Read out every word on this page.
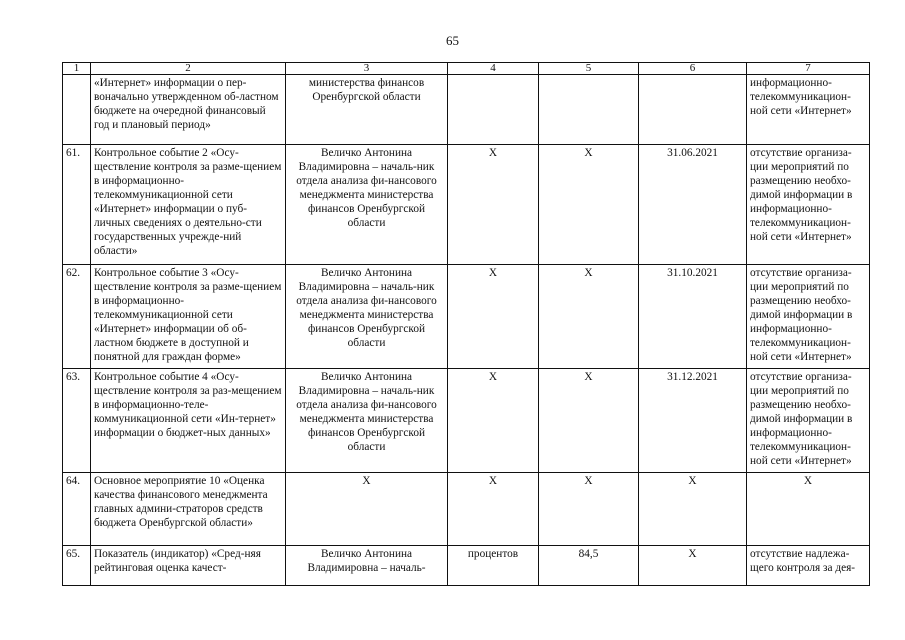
65
1	2	3	4	5	6	7
	«Интернет» информации о пер-воначально утвержденном об-ластном бюджете на очередной финансовый год и плановый период»	министерства финансов Оренбургской области				информационно-телекоммуникацион-ной сети «Интернет»
61.	Контрольное событие 2 «Осу-ществление контроля за разме-щением в информационно-телекоммуникационной сети «Интернет» информации о пуб-личных сведениях о деятельно-сти государственных учрежде-ний области»	Величко Антонина Владимировна – началь-ник отдела анализа фи-нансового менеджмента министерства финансов Оренбургской области	Х	Х	31.06.2021	отсутствие организа-ции мероприятий по размещению необхо-димой информации в информационно-телекоммуникацион-ной сети «Интернет»
62.	Контрольное событие 3 «Осу-ществление контроля за разме-щением в информационно-телекоммуникационной сети «Интернет» информации об об-ластном бюджете в доступной и понятной для граждан форме»	Величко Антонина Владимировна – началь-ник отдела анализа фи-нансового менеджмента министерства финансов Оренбургской области	Х	Х	31.10.2021	отсутствие организа-ции мероприятий по размещению необхо-димой информации в информационно-телекоммуникацион-ной сети «Интернет»
63.	Контрольное событие 4 «Осу-ществление контроля за раз-мещением в информационно-теле-коммуникационной сети «Ин-тернет» информации о бюджет-ных данных»	Величко Антонина Владимировна – началь-ник отдела анализа фи-нансового менеджмента министерства финансов Оренбургской области	Х	Х	31.12.2021	отсутствие организа-ции мероприятий по размещению необхо-димой информации в информационно-телекоммуникацион-ной сети «Интернет»
64.	Основное мероприятие 10 «Оценка качества финансового менеджмента главных админи-страторов средств бюджета Оренбургской области»	Х	Х	Х	Х	Х
65.	Показатель (индикатор) «Сред-няя рейтинговая оценка качест-	Величко Антонина Владимировна – началь-	процентов	84,5	Х	отсутствие надлежа-щего контроля за дея-
